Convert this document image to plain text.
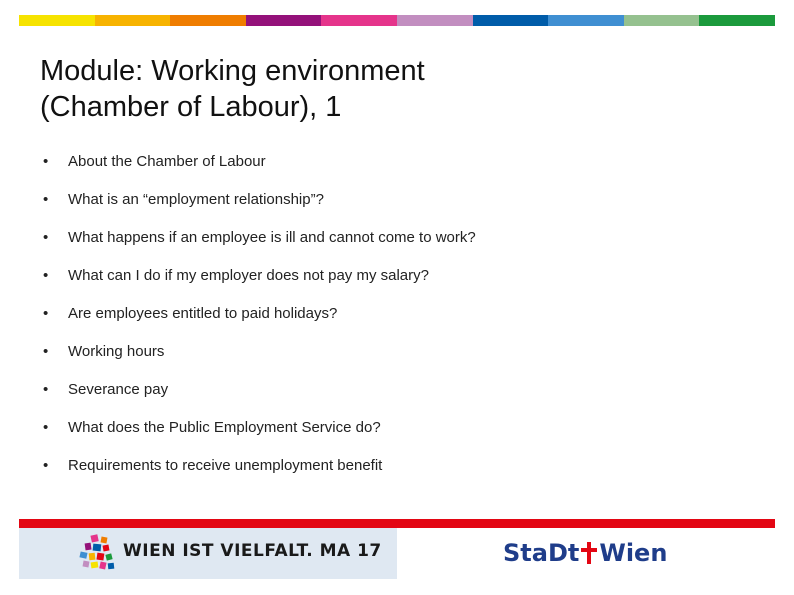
Module: Working environment
(Chamber of Labour), 1
•	About the Chamber of Labour
•	What is an “employment relationship”?
•	What happens if an employee is ill and cannot come to work?
•	What can I do if my employer does not pay my salary?
•	Are employees entitled to paid holidays?
•	Working hours
•	Severance pay
•	What does the Public Employment Service do?
•	Requirements to receive unemployment benefit
WIEN IST VIELFALT. MA 17	StaDt Wien
